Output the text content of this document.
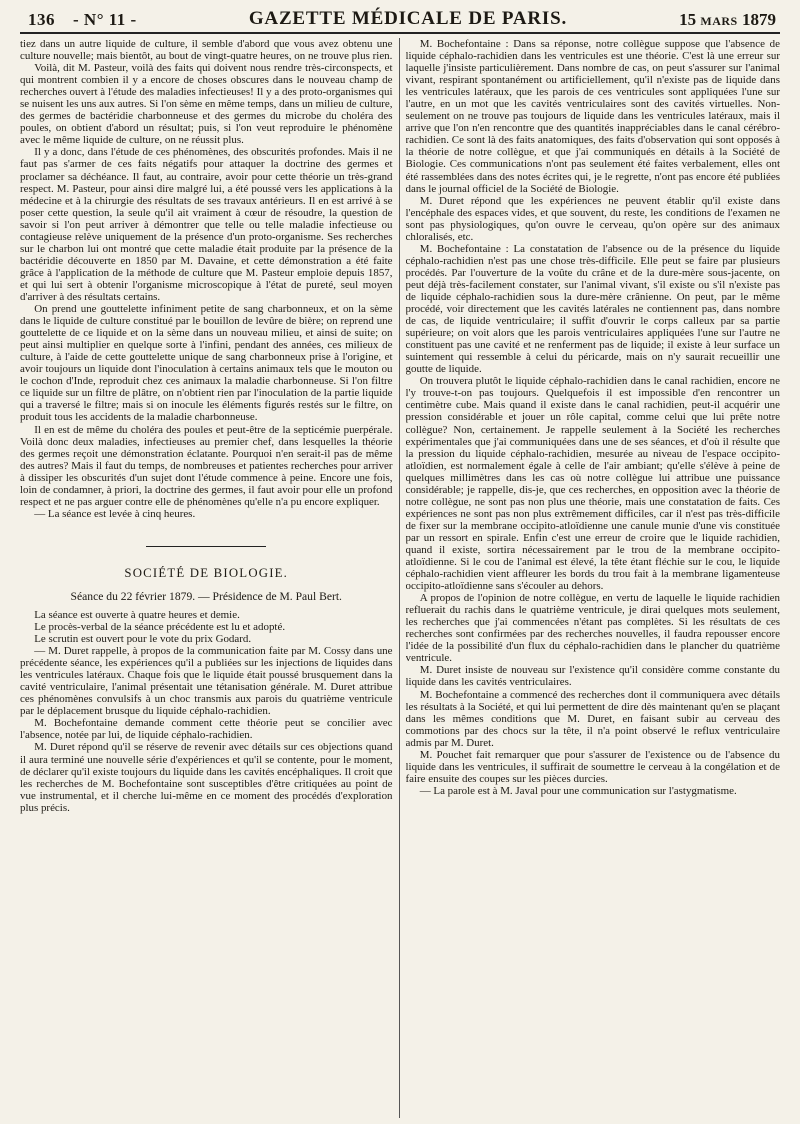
136 - N° 11 -	GAZETTE MÉDICALE DE PARIS.	15 MARS 1879

tiez dans un autre liquide de culture, il semble d'abord que vous avez obtenu une culture nouvelle; mais bientôt, au bout de vingt-quatre heures, on ne trouve plus rien.

Voilà, dit M. Pasteur, voilà des faits qui doivent nous rendre très-circonspects, et qui montrent combien il y a encore de choses obscures dans le nouveau champ de recherches ouvert à l'étude des maladies infectieuses! Il y a des proto-organismes qui se nuisent les uns aux autres. Si l'on sème en même temps, dans un milieu de culture, des germes de bactéridie charbonneuse et des germes du microbe du choléra des poules, on obtient d'abord un résultat; puis, si l'on veut reproduire le phénomène avec le même liquide de culture, on ne réussit plus.

Il y a donc, dans l'étude de ces phénomènes, des obscurités profondes. Mais il ne faut pas s'armer de ces faits négatifs pour attaquer la doctrine des germes et proclamer sa déchéance. Il faut, au contraire, avoir pour cette théorie un très-grand respect. M. Pasteur, pour ainsi dire malgré lui, a été poussé vers les applications à la médecine et à la chirurgie des résultats de ses travaux antérieurs. Il en est arrivé à se poser cette question, la seule qu'il ait vraiment à cœur de résoudre, la question de savoir si l'on peut arriver à démontrer que telle ou telle maladie infectieuse ou contagieuse relève uniquement de la présence d'un proto-organisme. Ses recherches sur le charbon lui ont montré que cette maladie était produite par la présence de la bactéridie découverte en 1850 par M. Davaine, et cette démonstration a été faite grâce à l'application de la méthode de culture que M. Pasteur emploie depuis 1857, et qui lui sert à obtenir l'organisme microscopique à l'état de pureté, seul moyen d'arriver à des résultats certains.

On prend une gouttelette infiniment petite de sang charbonneux, et on la sème dans le liquide de culture constitué par le bouillon de levûre de bière; on reprend une gouttelette de ce liquide et on la sème dans un nouveau milieu, et ainsi de suite; on peut ainsi multiplier en quelque sorte à l'infini, pendant des années, ces milieux de culture, à l'aide de cette gouttelette unique de sang charbonneux prise à l'origine, et avoir toujours un liquide dont l'inoculation à certains animaux tels que le mouton ou le cochon d'Inde, reproduit chez ces animaux la maladie charbonneuse. Si l'on filtre ce liquide sur un filtre de plâtre, on n'obtient rien par l'inoculation de la partie liquide qui a traversé le filtre; mais si on inocule les éléments figurés restés sur le filtre, on produit tous les accidents de la maladie charbonneuse.

Il en est de même du choléra des poules et peut-être de la septicémie puerpérale. Voilà donc deux maladies, infectieuses au premier chef, dans lesquelles la théorie des germes reçoit une démonstration éclatante. Pourquoi n'en serait-il pas de même des autres? Mais il faut du temps, de nombreuses et patientes recherches pour arriver à dissiper les obscurités d'un sujet dont l'étude commence à peine. Encore une fois, loin de condamner, à priori, la doctrine des germes, il faut avoir pour elle un profond respect et ne pas arguer contre elle de phénomènes qu'elle n'a pu encore expliquer.

— La séance est levée à cinq heures.

SOCIÉTÉ DE BIOLOGIE.

Séance du 22 février 1879. — Présidence de M. Paul Bert.

La séance est ouverte à quatre heures et demie.

Le procès-verbal de la séance précédente est lu et adopté.

Le scrutin est ouvert pour le vote du prix Godard.

— M. Duret rappelle, à propos de la communication faite par M. Cossy dans une précédente séance, les expériences qu'il a publiées sur les injections de liquides dans les ventricules latéraux. Chaque fois que le liquide était poussé brusquement dans la cavité ventriculaire, l'animal présentait une tétanisation générale. M. Duret attribue ces phénomènes convulsifs à un choc transmis aux parois du quatrième ventricule par le déplacement brusque du liquide céphalo-rachidien.

M. Bochefontaine demande comment cette théorie peut se concilier avec l'absence, notée par lui, de liquide céphalo-rachidien.

M. Duret répond qu'il se réserve de revenir avec détails sur ces objections quand il aura terminé une nouvelle série d'expériences et qu'il se contente, pour le moment, de déclarer qu'il existe toujours du liquide dans les cavités encéphaliques. Il croit que les recherches de M. Bochefontaine sont susceptibles d'être critiquées au point de vue instrumental, et il cherche lui-même en ce moment des procédés d'exploration plus précis.

M. Bochefontaine : Dans sa réponse, notre collègue suppose que l'absence de liquide céphalo-rachidien dans les ventricules est une théorie. C'est là une erreur sur laquelle j'insiste particulièrement. Dans nombre de cas, on peut s'assurer sur l'animal vivant, respirant spontanément ou artificiellement, qu'il n'existe pas de liquide dans les ventricules latéraux, que les parois de ces ventricules sont appliquées l'une sur l'autre, en un mot que les cavités ventriculaires sont des cavités virtuelles. Non-seulement on ne trouve pas toujours de liquide dans les ventricules latéraux, mais il arrive que l'on n'en rencontre que des quantités inappréciables dans le canal cérébro-rachidien. Ce sont là des faits anatomiques, des faits d'observation qui sont opposés à la théorie de notre collègue, et que j'ai communiqués en détails à la Société de Biologie. Ces communications n'ont pas seulement été faites verbalement, elles ont été rassemblées dans des notes écrites qui, je le regrette, n'ont pas encore été publiées dans le journal officiel de la Société de Biologie.

M. Duret répond que les expériences ne peuvent établir qu'il existe dans l'encéphale des espaces vides, et que souvent, du reste, les conditions de l'examen ne sont pas physiologiques, qu'on ouvre le cerveau, qu'on opère sur des animaux chloralisés, etc.

M. Bochefontaine : La constatation de l'absence ou de la présence du liquide céphalo-rachidien n'est pas une chose très-difficile. Elle peut se faire par plusieurs procédés. Par l'ouverture de la voûte du crâne et de la dure-mère sous-jacente, on peut déjà très-facilement constater, sur l'animal vivant, s'il existe ou s'il n'existe pas de liquide céphalo-rachidien sous la dure-mère crânienne. On peut, par le même procédé, voir directement que les cavités latérales ne contiennent pas, dans nombre de cas, de liquide ventriculaire; il suffit d'ouvrir le corps calleux par sa partie supérieure; on voit alors que les parois ventriculaires appliquées l'une sur l'autre ne constituent pas une cavité et ne renferment pas de liquide; il existe à leur surface un suintement qui ressemble à celui du péricarde, mais on n'y saurait recueillir une goutte de liquide.

On trouvera plutôt le liquide céphalo-rachidien dans le canal rachidien, encore ne l'y trouve-t-on pas toujours. Quelquefois il est impossible d'en rencontrer un centimètre cube. Mais quand il existe dans le canal rachidien, peut-il acquérir une pression considérable et jouer un rôle capital, comme celui que lui prête notre collègue? Non, certainement. Je rappelle seulement à la Société les recherches expérimentales que j'ai communiquées dans une de ses séances, et d'où il résulte que la pression du liquide céphalo-rachidien, mesurée au niveau de l'espace occipito-atloïdien, est normalement égale à celle de l'air ambiant; qu'elle s'élève à peine de quelques millimètres dans les cas où notre collègue lui attribue une puissance considérable; je rappelle, dis-je, que ces recherches, en opposition avec la théorie de notre collègue, ne sont pas non plus une théorie, mais une constatation de faits. Ces expériences ne sont pas non plus extrêmement difficiles, car il n'est pas très-difficile de fixer sur la membrane occipito-atloïdienne une canule munie d'une vis constituée par un ressort en spirale. Enfin c'est une erreur de croire que le liquide rachidien, quand il existe, sortira nécessairement par le trou de la membrane occipito-atloïdienne. Si le cou de l'animal est élevé, la tête étant fléchie sur le cou, le liquide céphalo-rachidien vient affleurer les bords du trou fait à la membrane ligamenteuse occipito-atloïdienne sans s'écouler au dehors.

A propos de l'opinion de notre collègue, en vertu de laquelle le liquide rachidien refluerait du rachis dans le quatrième ventricule, je dirai quelques mots seulement, les recherches que j'ai commencées n'étant pas complètes. Si les résultats de ces recherches sont confirmées par des recherches nouvelles, il faudra repousser encore l'idée de la possibilité d'un flux du céphalo-rachidien dans le plancher du quatrième ventricule.

M. Duret insiste de nouveau sur l'existence qu'il considère comme constante du liquide dans les cavités ventriculaires.

M. Bochefontaine a commencé des recherches dont il communiquera avec détails les résultats à la Société, et qui lui permettent de dire dès maintenant qu'en se plaçant dans les mêmes conditions que M. Duret, en faisant subir au cerveau des commotions par des chocs sur la tête, il n'a point observé le reflux ventriculaire admis par M. Duret.

M. Pouchet fait remarquer que pour s'assurer de l'existence ou de l'absence du liquide dans les ventricules, il suffirait de soumettre le cerveau à la congélation et de faire ensuite des coupes sur les pièces durcies.

— La parole est à M. Javal pour une communication sur l'astygmatisme.
